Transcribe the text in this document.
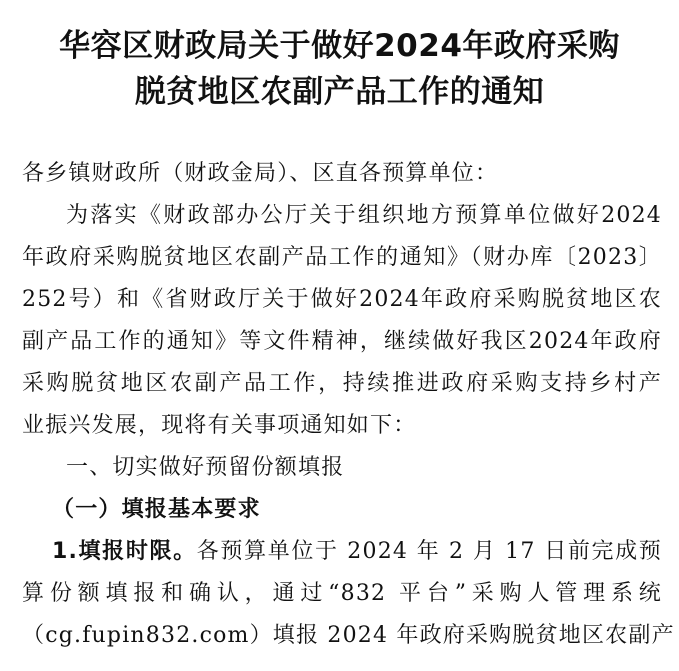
华容区财政局关于做好2024年政府采购
脱贫地区农副产品工作的通知
各乡镇财政所（财政金局）、区直各预算单位：
为落实《财政部办公厅关于组织地方预算单位做好2024
年政府采购脱贫地区农副产品工作的通知》（财办库〔2023〕
252号）和《省财政厅关于做好2024年政府采购脱贫地区农
副产品工作的通知》等文件精神，继续做好我区2024年政府
采购脱贫地区农副产品工作，持续推进政府采购支持乡村产
业振兴发展，现将有关事项通知如下：
一、切实做好预留份额填报
（一）填报基本要求
1.填报时限。各预算单位于 2024 年 2 月 17 日前完成预
算份额填报和确认，通过“832 平台”采购人管理系统
（cg.fupin832.com）填报 2024 年政府采购脱贫地区农副产
